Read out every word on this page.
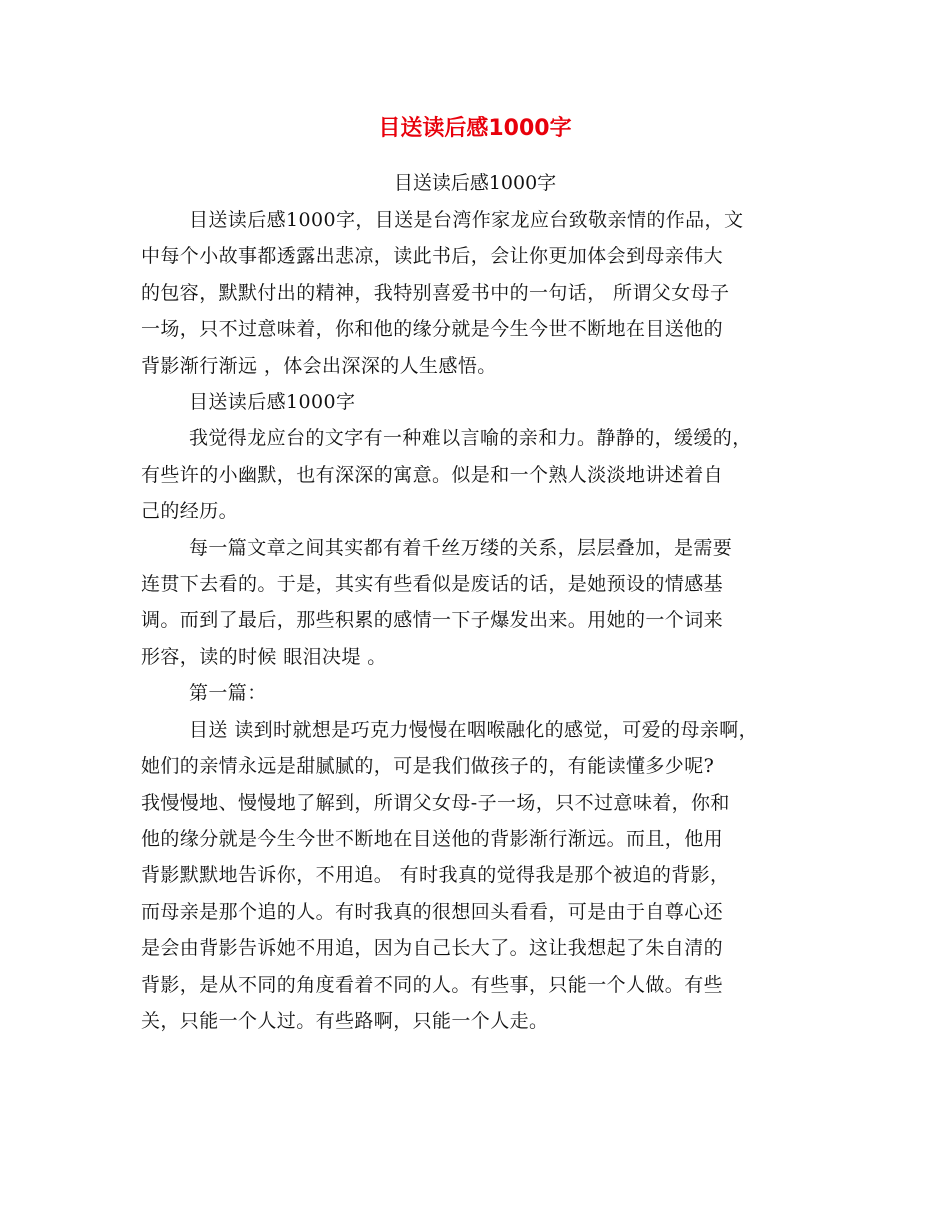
目送读后感1000字

目送读后感1000字

目送读后感1000字，目送是台湾作家龙应台致敬亲情的作品，文
中每个小故事都透露出悲凉，读此书后，会让你更加体会到母亲伟大
的包容，默默付出的精神，我特别喜爱书中的一句话， 所谓父女母子
一场，只不过意味着，你和他的缘分就是今生今世不断地在目送他的
背影渐行渐远 ，体会出深深的人生感悟。
目送读后感1000字
我觉得龙应台的文字有一种难以言喻的亲和力。静静的，缓缓的，
有些许的小幽默，也有深深的寓意。似是和一个熟人淡淡地讲述着自
己的经历。
每一篇文章之间其实都有着千丝万缕的关系，层层叠加，是需要
连贯下去看的。于是，其实有些看似是废话的话，是她预设的情感基
调。而到了最后，那些积累的感情一下子爆发出来。用她的一个词来
形容，读的时候 眼泪决堤 。
第一篇：
目送 读到时就想是巧克力慢慢在咽喉融化的感觉，可爱的母亲啊，
她们的亲情永远是甜腻腻的，可是我们做孩子的，有能读懂多少呢?
我慢慢地、慢慢地了解到，所谓父女母-子一场，只不过意味着，你和
他的缘分就是今生今世不断地在目送他的背影渐行渐远。而且，他用
背影默默地告诉你，不用追。 有时我真的觉得我是那个被追的背影，
而母亲是那个追的人。有时我真的很想回头看看，可是由于自尊心还
是会由背影告诉她不用追，因为自己长大了。这让我想起了朱自清的
背影，是从不同的角度看着不同的人。有些事，只能一个人做。有些
关，只能一个人过。有些路啊，只能一个人走。
